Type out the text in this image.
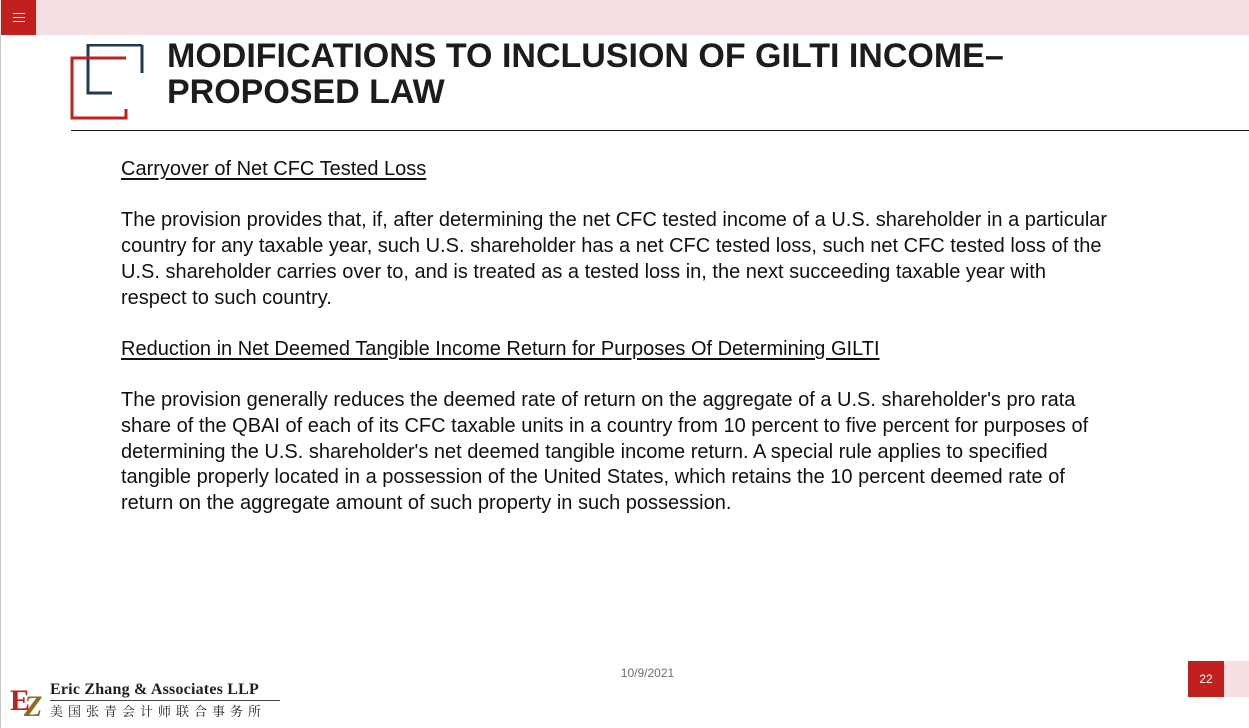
MODIFICATIONS TO INCLUSION OF GILTI INCOME–
PROPOSED LAW

Carryover of Net CFC Tested Loss

The provision provides that, if, after determining the net CFC tested income of a U.S. shareholder in a particular country for any taxable year, such U.S. shareholder has a net CFC tested loss, such net CFC tested loss of the U.S. shareholder carries over to, and is treated as a tested loss in, the next succeeding taxable year with respect to such country.

Reduction in Net Deemed Tangible Income Return for Purposes Of Determining GILTI

The provision generally reduces the deemed rate of return on the aggregate of a U.S. shareholder's pro rata share of the QBAI of each of its CFC taxable units in a country from 10 percent to five percent for purposes of determining the U.S. shareholder's net deemed tangible income return. A special rule applies to specified tangible properly located in a possession of the United States, which retains the 10 percent deemed rate of return on the aggregate amount of such property in such possession.

10/9/2021	22
E
Z
Eric Zhang & Associates LLP
美国张青会计师联合事务所
